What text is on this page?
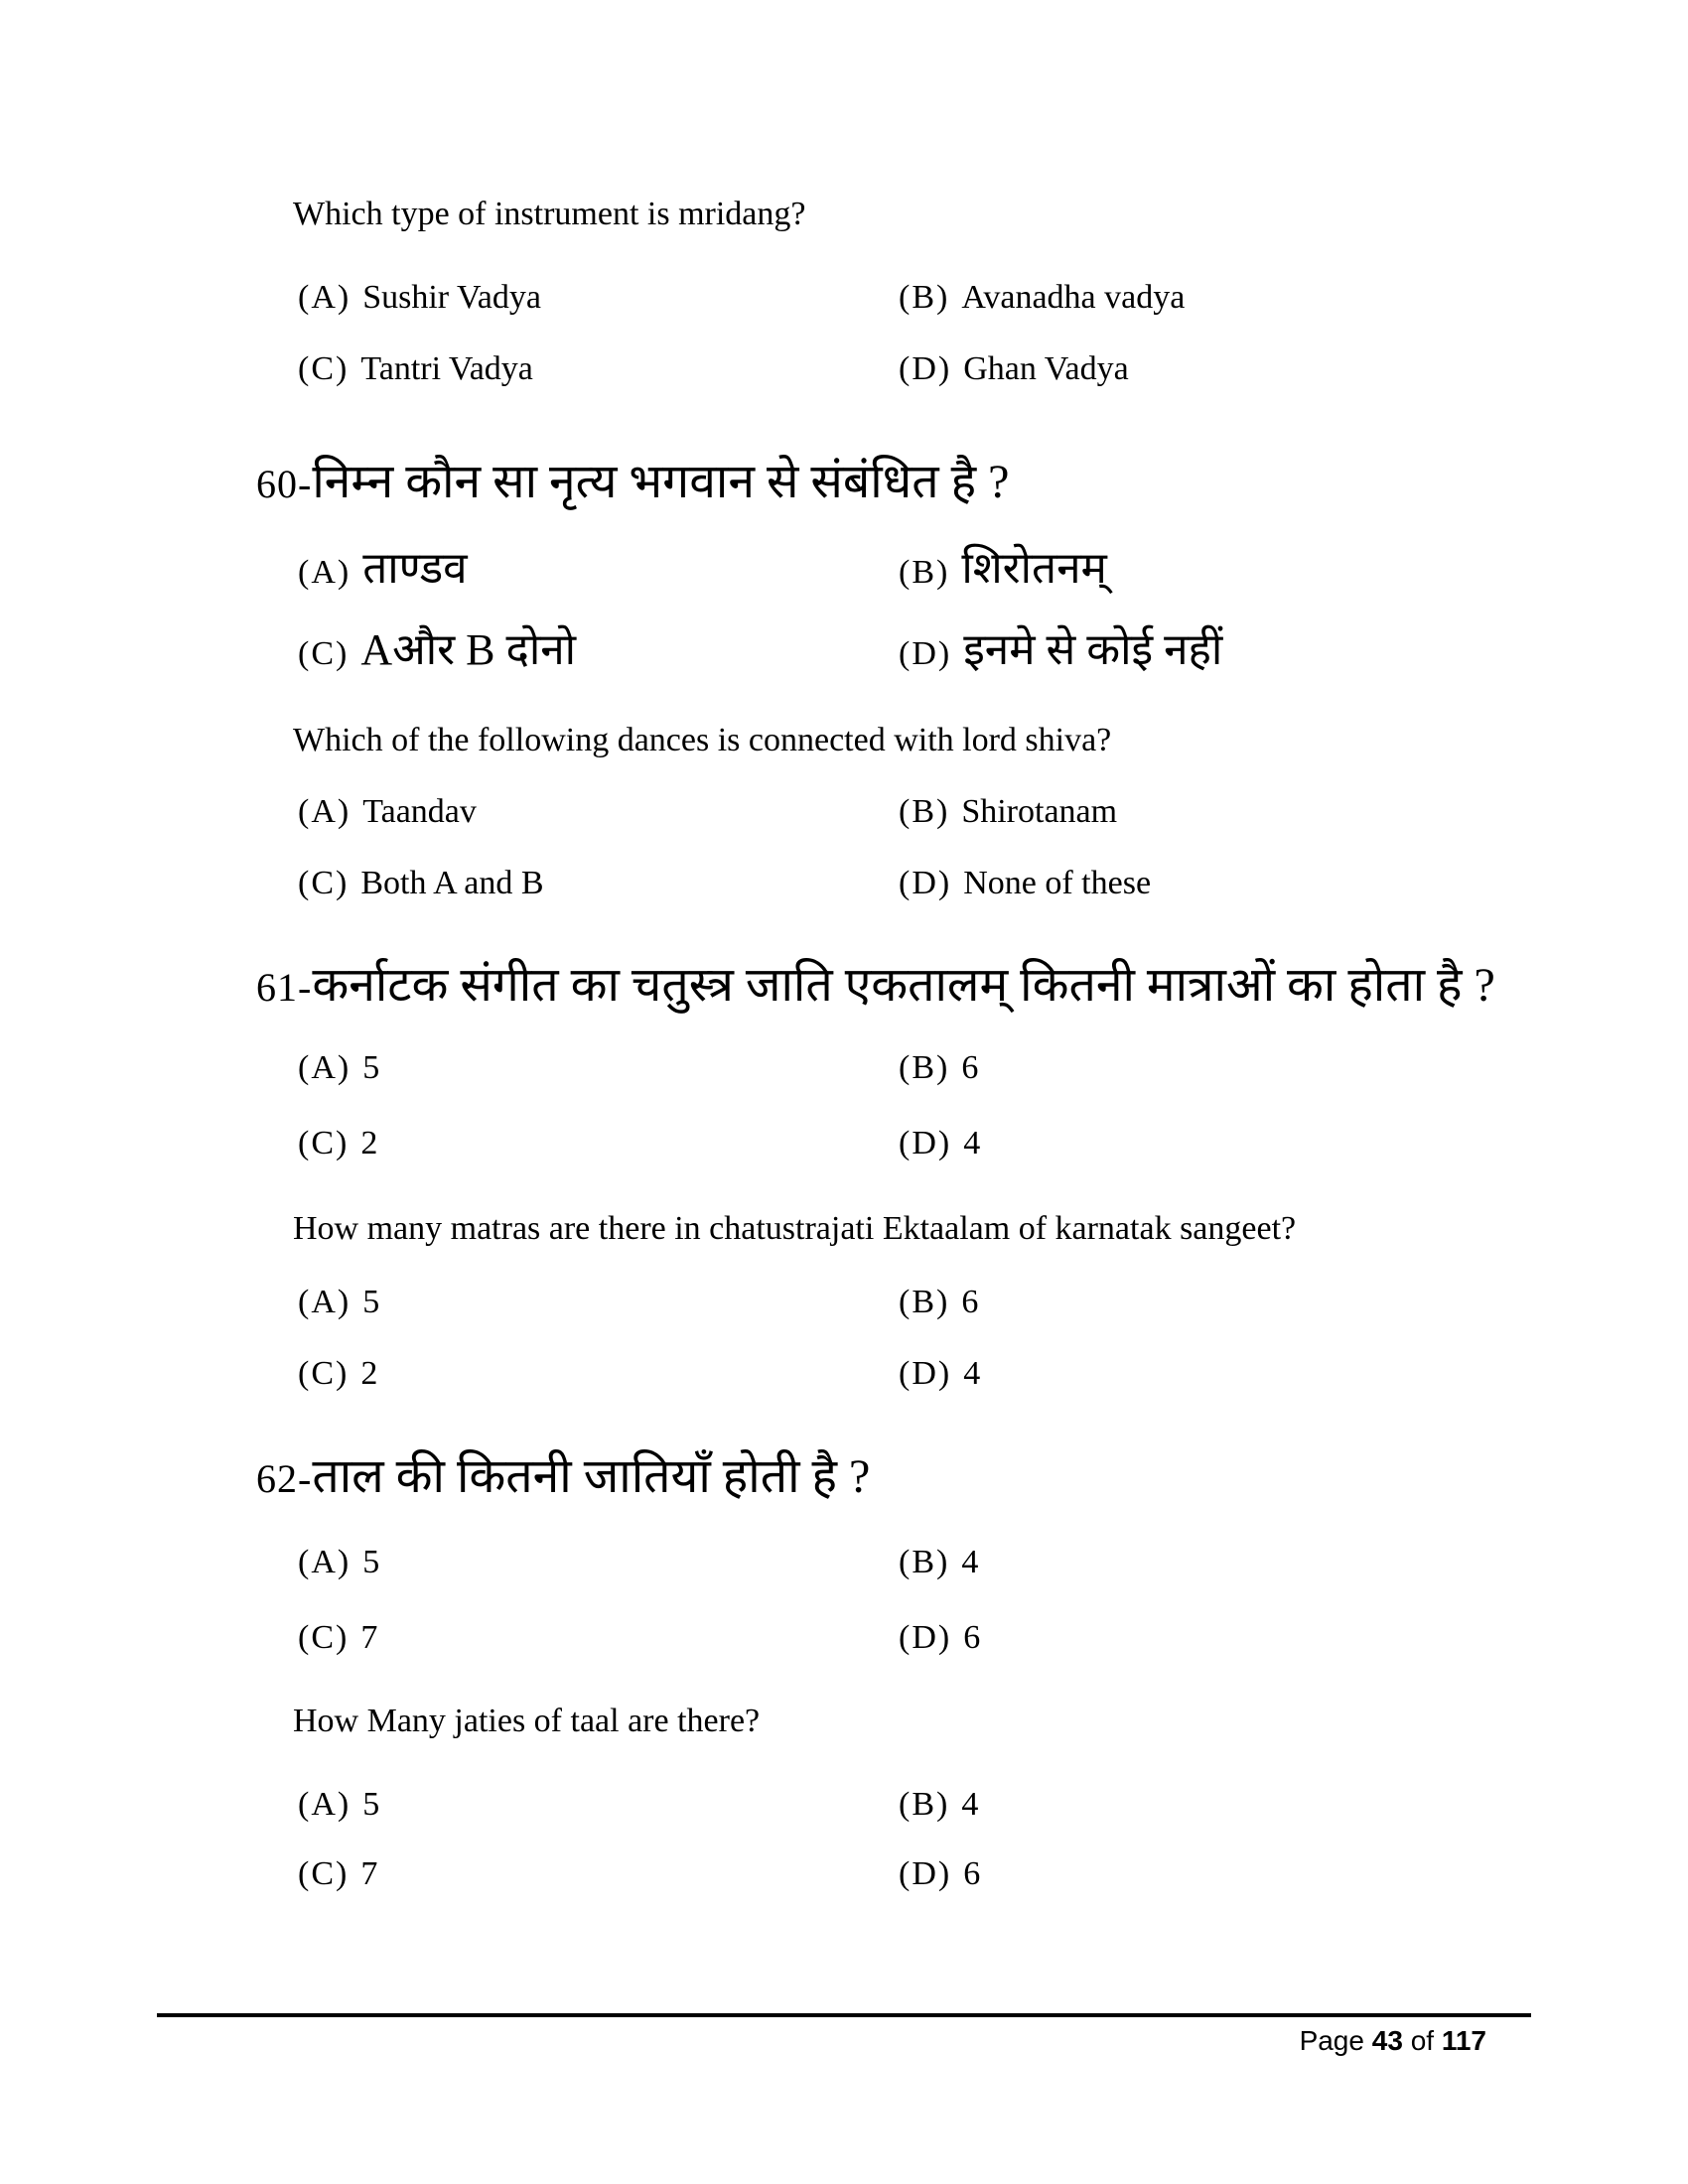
Which type of instrument is mridang?
(A) Sushir Vadya	(B) Avanadha vadya
(C) Tantri Vadya	(D) Ghan Vadya
60-निम्न कौन सा नृत्य भगवान से संबंधित है ?
(A) ताण्डव	(B) शिरोतनम्
(C) Aऔर B दोनो	(D) इनमे से कोई नहीं
Which of the following dances is connected with lord shiva?
(A) Taandav	(B) Shirotanam
(C) Both A and B	(D) None of these
61-कर्नाटक संगीत का चतुस्त्र जाति एकतालम् कितनी मात्राओं का होता है ?
(A) 5	(B) 6
(C) 2	(D) 4
How many matras are there in chatustrajati Ektaalam of karnatak sangeet?
(A) 5	(B) 6
(C) 2	(D) 4
62-ताल की कितनी जातियाँ होती है ?
(A) 5	(B) 4
(C) 7	(D) 6
How Many jaties of taal are there?
(A) 5	(B) 4
(C) 7	(D) 6
Page 43 of 117
